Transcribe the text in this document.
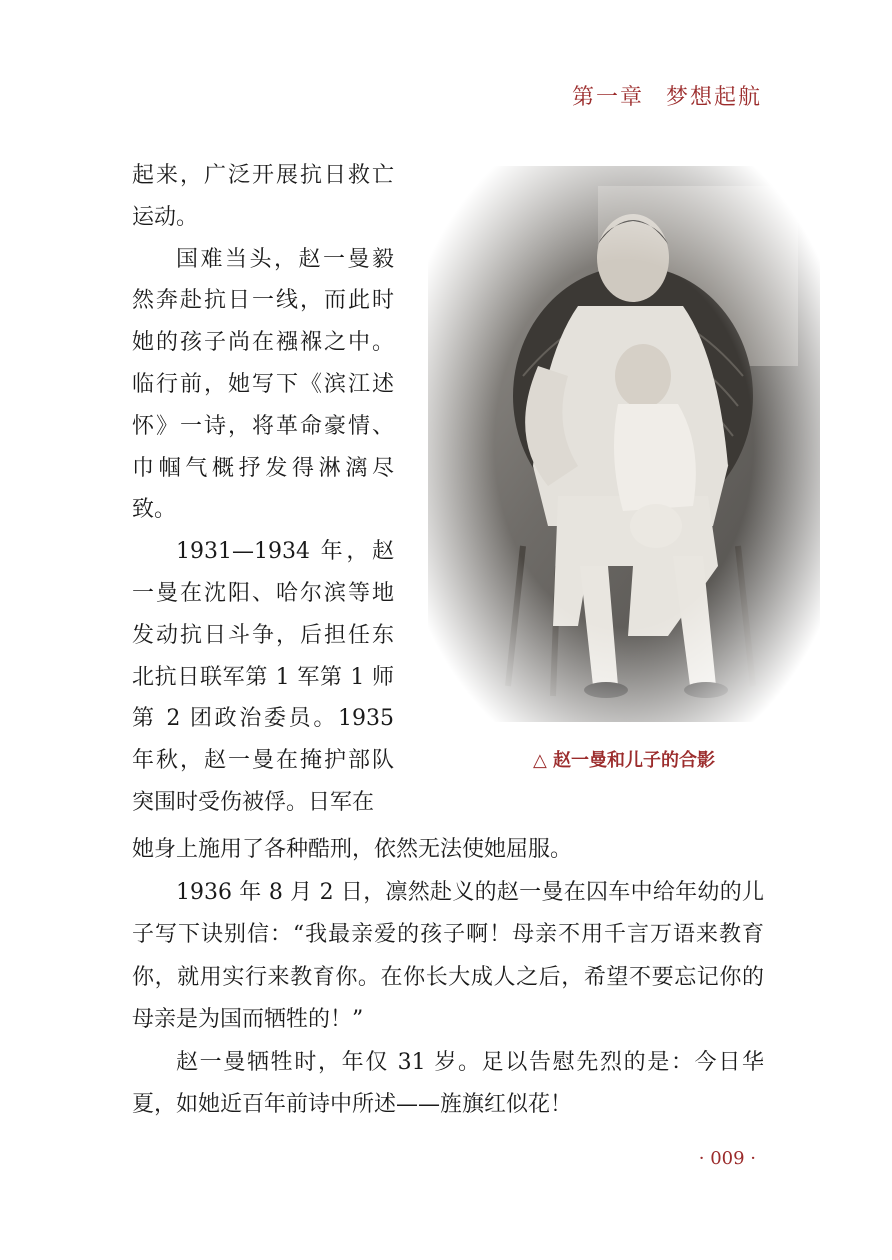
第一章 梦想起航

起来，广泛开展抗日救亡运动。

国难当头，赵一曼毅然奔赴抗日一线，而此时她的孩子尚在襁褓之中。临行前，她写下《滨江述怀》一诗，将革命豪情、巾帼气概抒发得淋漓尽致。

1931—1934 年，赵一曼在沈阳、哈尔滨等地发动抗日斗争，后担任东北抗日联军第 1 军第 1 师第 2 团政治委员。1935 年秋，赵一曼在掩护部队突围时受伤被俘。日军在

△ 赵一曼和儿子的合影

她身上施用了各种酷刑，依然无法使她屈服。

1936 年 8 月 2 日，凛然赴义的赵一曼在囚车中给年幼的儿子写下诀别信：“我最亲爱的孩子啊！母亲不用千言万语来教育你，就用实行来教育你。在你长大成人之后，希望不要忘记你的母亲是为国而牺牲的！”

赵一曼牺牲时，年仅 31 岁。足以告慰先烈的是：今日华夏，如她近百年前诗中所述——旌旗红似花！

· 009 ·
